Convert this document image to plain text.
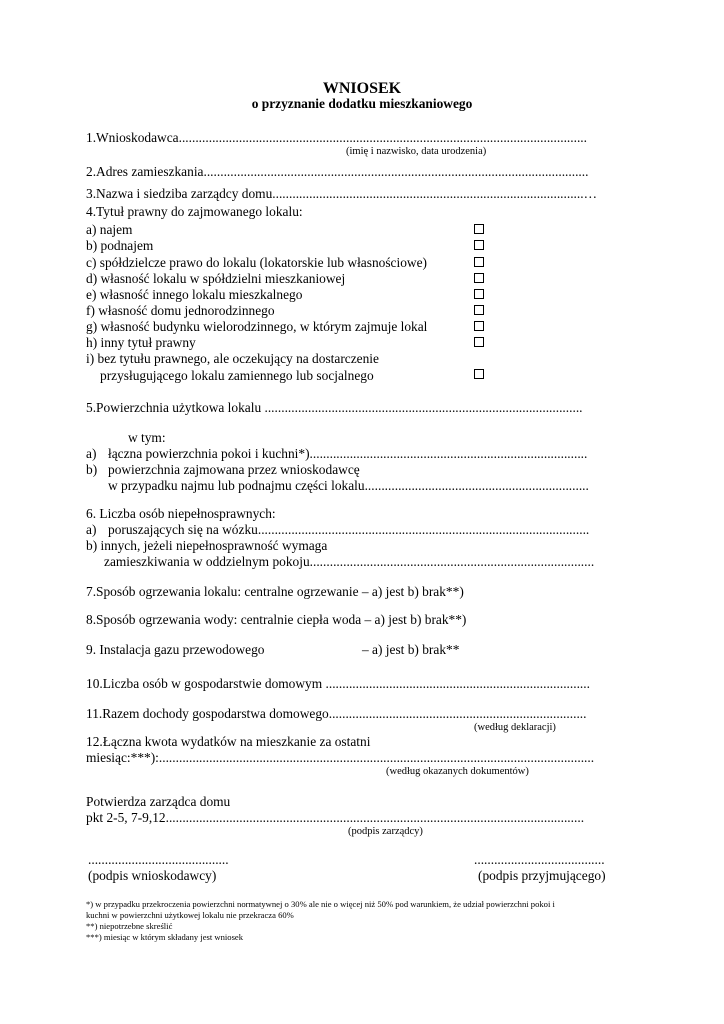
WNIOSEK
o przyznanie dodatku mieszkaniowego
1.Wnioskodawca..........................................................................................................................
(imię i nazwisko, data urodzenia)
2.Adres zamieszkania...................................................................................................................
3.Nazwa i siedziba zarządcy domu.............................................................................................…
4.Tytuł prawny do zajmowanego lokalu:
a) najem
b) podnajem
c) spółdzielcze prawo do lokalu (lokatorskie lub własnościowe)
d) własność lokalu w spółdzielni mieszkaniowej
e) własność innego lokalu mieszkalnego
f) własność domu jednorodzinnego
g) własność budynku wielorodzinnego, w którym zajmuje lokal
h) inny tytuł prawny
i) bez tytułu prawnego, ale oczekujący na dostarczenie
przysługującego lokalu zamiennego lub socjalnego
5.Powierzchnia użytkowa lokalu ...............................................................................................
w tym:
a) łączna powierzchnia pokoi i kuchni*)...................................................................................
b) powierzchnia zajmowana przez wnioskodawcę
w przypadku najmu lub podnajmu części lokalu...................................................................
6. Liczba osób niepełnosprawnych:
a) poruszających się na wózku...................................................................................................
b) innych, jeżeli niepełnosprawność wymaga
zamieszkiwania w oddzielnym pokoju.....................................................................................
7.Sposób ogrzewania lokalu: centralne ogrzewanie – a) jest b) brak**)
8.Sposób ogrzewania wody: centralnie ciepła woda – a) jest b) brak**)
9. Instalacja gazu przewodowego	– a) jest b) brak**
10.Liczba osób w gospodarstwie domowym ...............................................................................
11.Razem dochody gospodarstwa domowego.............................................................................
(według deklaracji)
12.Łączna kwota wydatków na mieszkanie za ostatni
miesiąc:***):..................................................................................................................................
(według okazanych dokumentów)
Potwierdza zarządca domu
pkt 2-5, 7-9,12.............................................................................................................................
(podpis zarządcy)
..........................................
(podpis wnioskodawcy)
.......................................
(podpis przyjmującego)
*) w przypadku przekroczenia powierzchni normatywnej o 30% ale nie o więcej niż 50% pod warunkiem, że udział powierzchni pokoi i
kuchni w powierzchni użytkowej lokalu nie przekracza 60%
**) niepotrzebne skreślić
***) miesiąc w którym składany jest wniosek
